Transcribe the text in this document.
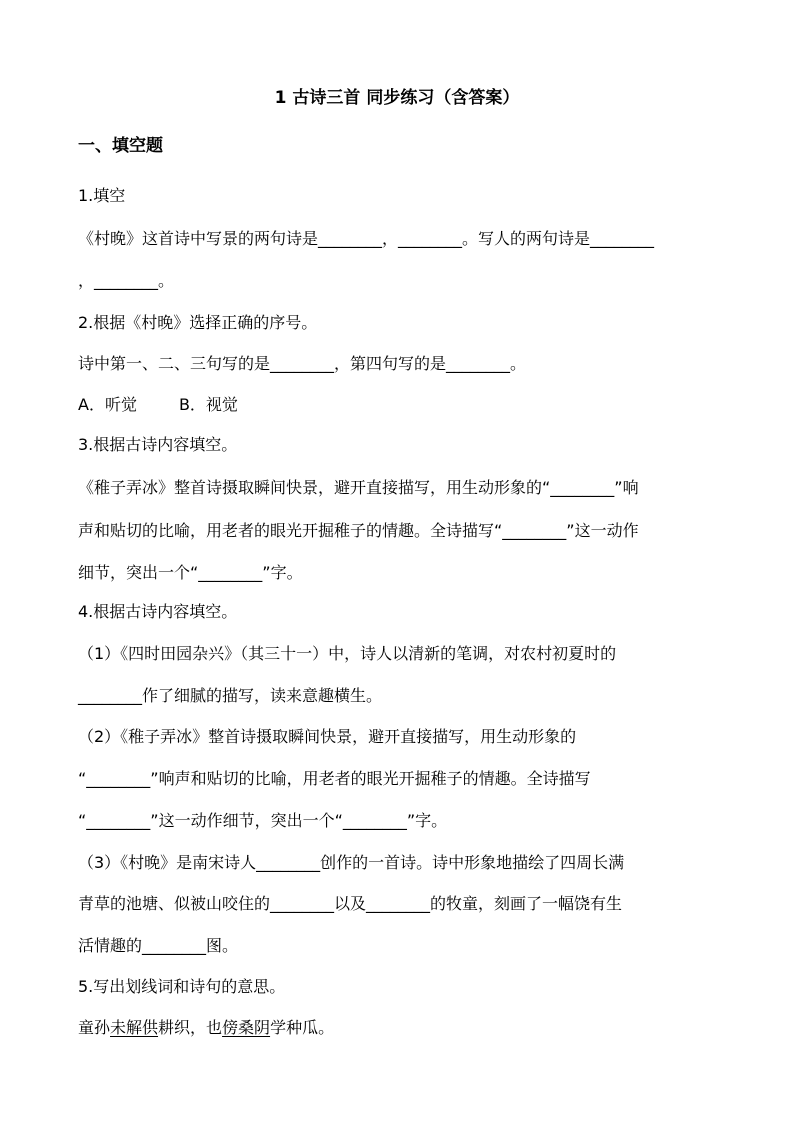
1 古诗三首 同步练习（含答案）
一、填空题
1.填空
《村晚》这首诗中写景的两句诗是________，________。写人的两句诗是________
，________。
2.根据《村晚》选择正确的序号。
诗中第一、二、三句写的是________，第四句写的是________。
A．听觉	B．视觉
3.根据古诗内容填空。
《稚子弄冰》整首诗摄取瞬间快景，避开直接描写，用生动形象的“________”响
声和贴切的比喻，用老者的眼光开掘稚子的情趣。全诗描写“________”这一动作
细节，突出一个“________”字。
4.根据古诗内容填空。
（1）《四时田园杂兴》（其三十一）中，诗人以清新的笔调，对农村初夏时的
________作了细腻的描写，读来意趣横生。
（2）《稚子弄冰》整首诗摄取瞬间快景，避开直接描写，用生动形象的
“________”响声和贴切的比喻，用老者的眼光开掘稚子的情趣。全诗描写
“________”这一动作细节，突出一个“________”字。
（3）《村晚》是南宋诗人________创作的一首诗。诗中形象地描绘了四周长满
青草的池塘、似被山咬住的________以及________的牧童，刻画了一幅饶有生
活情趣的________图。
5.写出划线词和诗句的意思。
童孙未解供耕织，也傍桑阴学种瓜。
